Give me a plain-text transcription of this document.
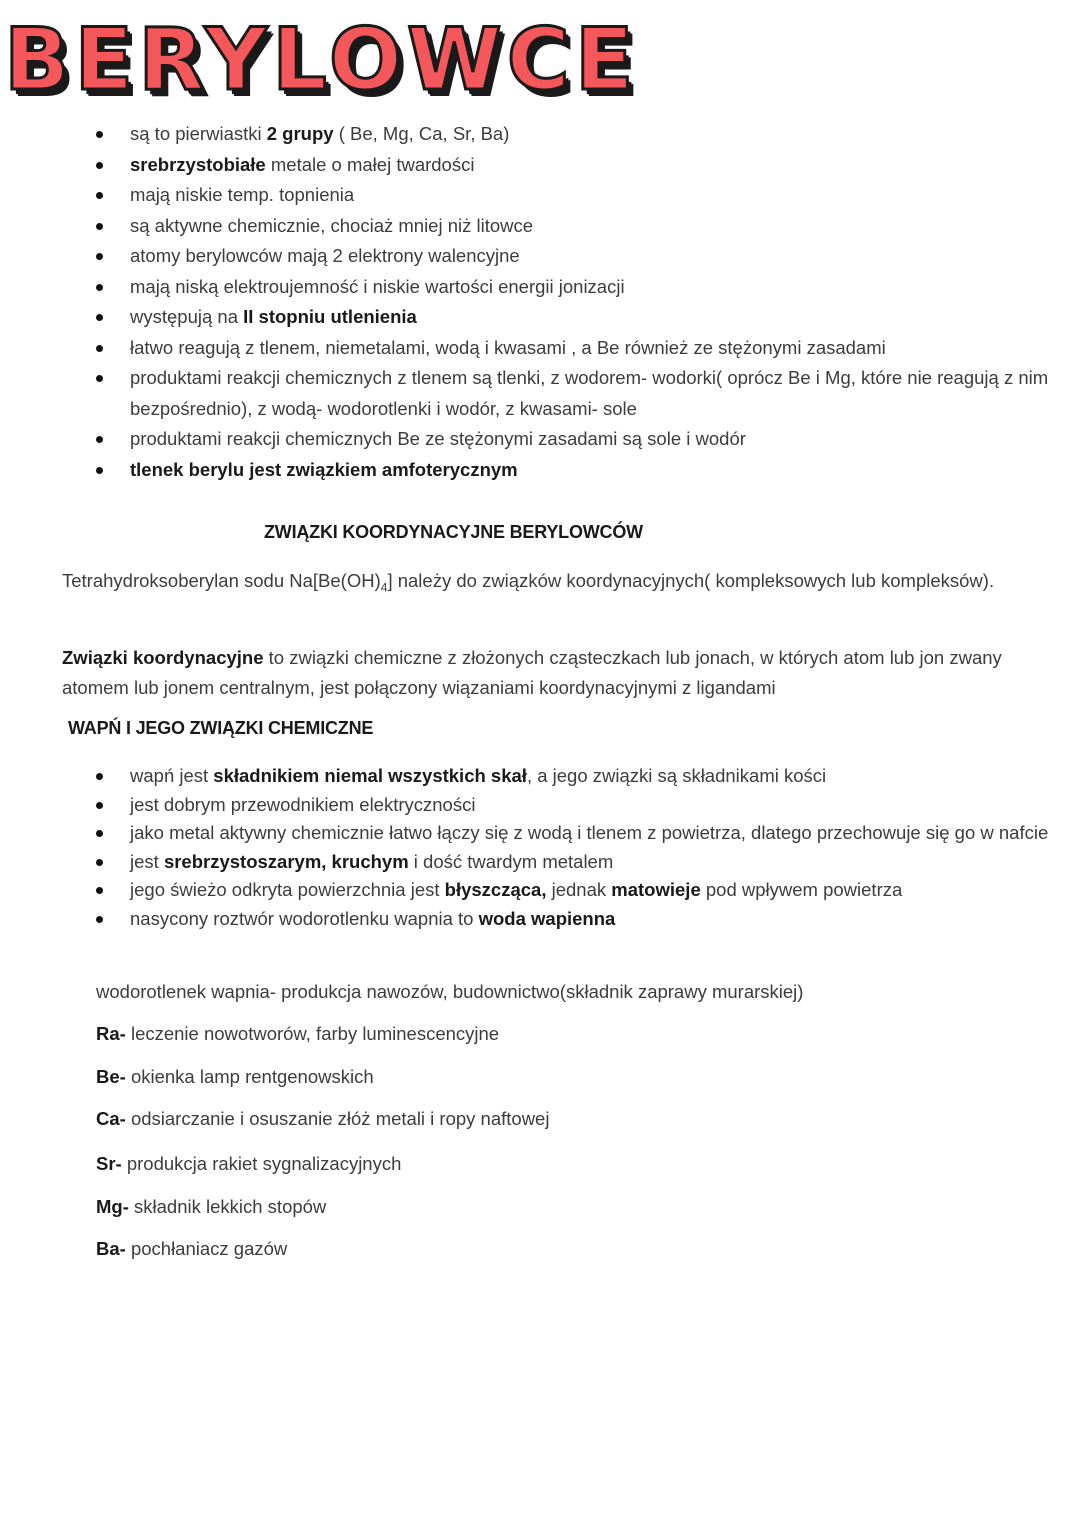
BERYLOWCE
są to pierwiastki 2 grupy ( Be, Mg, Ca, Sr, Ba)
srebrzystobiałe metale o małej twardości
mają niskie temp. topnienia
są aktywne chemicznie, chociaż mniej niż litowce
atomy berylowców mają 2 elektrony walencyjne
mają niską elektroujemność i niskie wartości energii jonizacji
występują na II stopniu utlenienia
łatwo reagują z tlenem, niemetalami, wodą i kwasami , a Be również ze stężonymi zasadami
produktami reakcji chemicznych z tlenem są tlenki, z wodorem- wodorki( oprócz Be i Mg, które nie reagują z nim bezpośrednio), z wodą- wodorotlenki i wodór, z kwasami- sole
produktami reakcji chemicznych Be ze stężonymi zasadami są sole i wodór
tlenek berylu jest związkiem amfoterycznym
ZWIĄZKI KOORDYNACYJNE BERYLOWCÓW

Tetrahydroksoberylan sodu $Na[Be(OH)_4]$ należy do związków koordynacyjnych( kompleksowych lub kompleksów).

Związki koordynacyjne to związki chemiczne z złożonych cząsteczkach lub jonach, w których atom lub jon zwany atomem lub jonem centralnym, jest połączony wiązaniami koordynacyjnymi z ligandami

WAPŃ I JEGO ZWIĄZKI CHEMICZNE
wapń jest składnikiem niemal wszystkich skał, a jego związki są składnikami kości
jest dobrym przewodnikiem elektryczności
jako metal aktywny chemicznie łatwo łączy się z wodą i tlenem z powietrza, dlatego przechowuje się go w nafcie
jest srebrzystoszarym, kruchym i dość twardym metalem
jego świeżo odkryta powierzchnia jest błyszcząca, jednak matowieje pod wpływem powietrza
nasycony roztwór wodorotlenku wapnia to woda wapienna

wodorotlenek wapnia- produkcja nawozów, budownictwo(składnik zaprawy murarskiej)

Ra- leczenie nowotworów, farby luminescencyjne

Be- okienka lamp rentgenowskich

Ca- odsiarczanie i osuszanie złóż metali i ropy naftowej

Sr- produkcja rakiet sygnalizacyjnych

Mg- składnik lekkich stopów

Ba- pochłaniacz gazów
